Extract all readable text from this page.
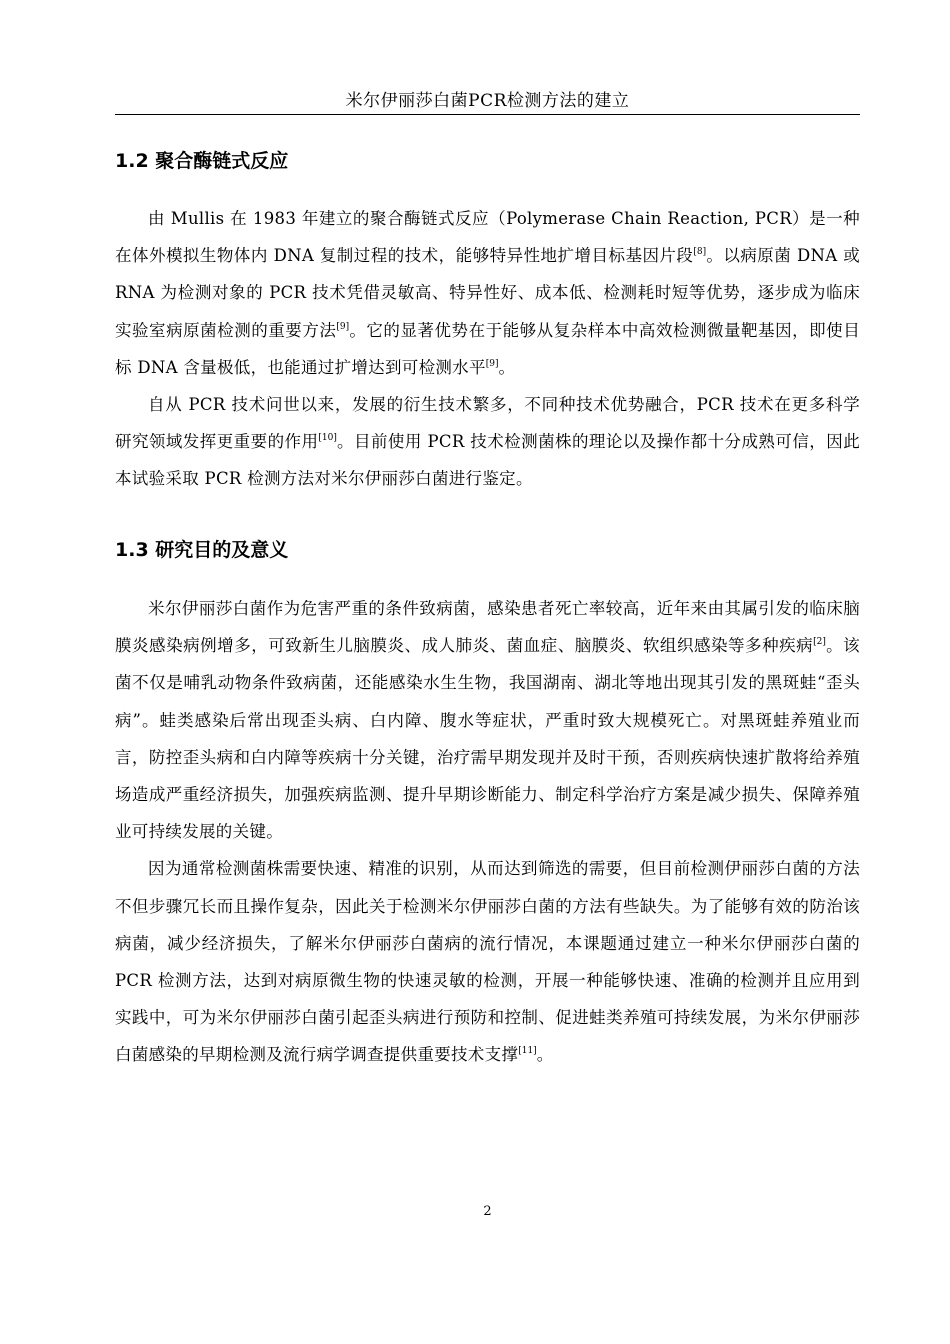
米尔伊丽莎白菌PCR检测方法的建立
1.2 聚合酶链式反应

由 Mullis 在 1983 年建立的聚合酶链式反应（Polymerase Chain Reaction, PCR）是一种在体外模拟生物体内 DNA 复制过程的技术，能够特异性地扩增目标基因片段[8]。以病原菌 DNA 或 RNA 为检测对象的 PCR 技术凭借灵敏高、特异性好、成本低、检测耗时短等优势，逐步成为临床实验室病原菌检测的重要方法[9]。它的显著优势在于能够从复杂样本中高效检测微量靶基因，即使目标 DNA 含量极低，也能通过扩增达到可检测水平[9]。

自从 PCR 技术问世以来，发展的衍生技术繁多，不同种技术优势融合，PCR 技术在更多科学研究领域发挥更重要的作用[10]。目前使用 PCR 技术检测菌株的理论以及操作都十分成熟可信，因此本试验采取 PCR 检测方法对米尔伊丽莎白菌进行鉴定。

1.3 研究目的及意义

米尔伊丽莎白菌作为危害严重的条件致病菌，感染患者死亡率较高，近年来由其属引发的临床脑膜炎感染病例增多，可致新生儿脑膜炎、成人肺炎、菌血症、脑膜炎、软组织感染等多种疾病[2]。该菌不仅是哺乳动物条件致病菌，还能感染水生生物，我国湖南、湖北等地出现其引发的黑斑蛙“歪头病”。蛙类感染后常出现歪头病、白内障、腹水等症状，严重时致大规模死亡。对黑斑蛙养殖业而言，防控歪头病和白内障等疾病十分关键，治疗需早期发现并及时干预，否则疾病快速扩散将给养殖场造成严重经济损失，加强疾病监测、提升早期诊断能力、制定科学治疗方案是减少损失、保障养殖业可持续发展的关键。

因为通常检测菌株需要快速、精准的识别，从而达到筛选的需要，但目前检测伊丽莎白菌的方法不但步骤冗长而且操作复杂，因此关于检测米尔伊丽莎白菌的方法有些缺失。为了能够有效的防治该病菌，减少经济损失，了解米尔伊丽莎白菌病的流行情况，本课题通过建立一种米尔伊丽莎白菌的 PCR 检测方法，达到对病原微生物的快速灵敏的检测，开展一种能够快速、准确的检测并且应用到实践中，可为米尔伊丽莎白菌引起歪头病进行预防和控制、促进蛙类养殖可持续发展，为米尔伊丽莎白菌感染的早期检测及流行病学调查提供重要技术支撑[11]。

2
